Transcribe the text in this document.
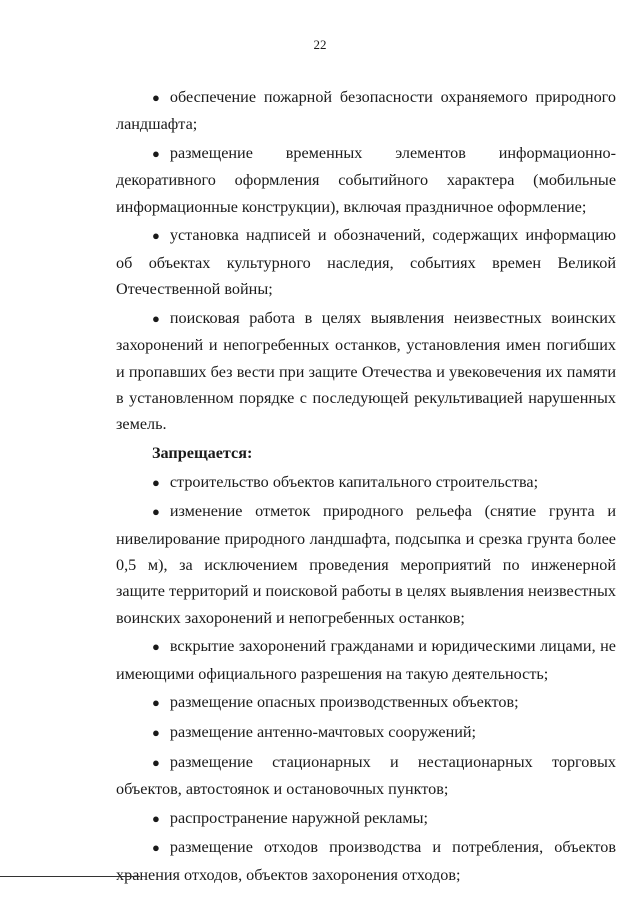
22

● обеспечение пожарной безопасности охраняемого природного ландшафта;

● размещение временных элементов информационно-декоративного оформления событийного характера (мобильные информационные конструкции), включая праздничное оформление;

● установка надписей и обозначений, содержащих информацию об объектах культурного наследия, событиях времен Великой Отечественной войны;

● поисковая работа в целях выявления неизвестных воинских захоронений и непогребенных останков, установления имен погибших и пропавших без вести при защите Отечества и увековечения их памяти в установленном порядке с последующей рекультивацией нарушенных земель.

Запрещается:

● строительство объектов капитального строительства;

● изменение отметок природного рельефа (снятие грунта и нивелирование природного ландшафта, подсыпка и срезка грунта более 0,5 м), за исключением проведения мероприятий по инженерной защите территорий и поисковой работы в целях выявления неизвестных воинских захоронений и непогребенных останков;

● вскрытие захоронений гражданами и юридическими лицами, не имеющими официального разрешения на такую деятельность;

● размещение опасных производственных объектов;

● размещение антенно-мачтовых сооружений;

● размещение стационарных и нестационарных торговых объектов, автостоянок и остановочных пунктов;

● распространение наружной рекламы;

● размещение отходов производства и потребления, объектов хранения отходов, объектов захоронения отходов;
